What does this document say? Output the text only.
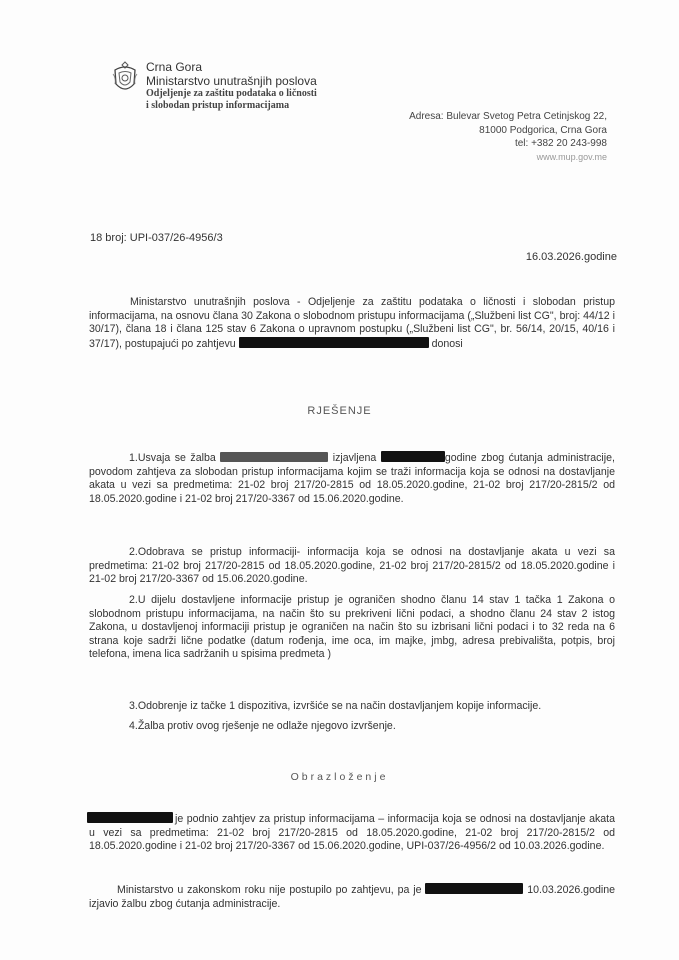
Crna Gora
Ministarstvo unutrašnjih poslova
Odjeljenje za zaštitu podataka o ličnosti
i slobodan pristup informacijama
Adresa: Bulevar Svetog Petra Cetinjskog 22,
81000 Podgorica, Crna Gora
tel: +382 20 243-998
www.mup.gov.me
18 broj: UPI-037/26-4956/3
16.03.2026.godine
Ministarstvo unutrašnjih poslova - Odjeljenje za zaštitu podataka o ličnosti i slobodan pristup informacijama, na osnovu člana 30 Zakona o slobodnom pristupu informacijama („Službeni list CG", broj: 44/12 i 30/17), člana 18 i člana 125 stav 6 Zakona o upravnom postupku („Službeni list CG", br. 56/14, 20/15, 40/16 i 37/17), postupajući po zahtjevu	donosi
RJEŠENJE
1.Usvaja se žalba	izjavljena	godine zbog ćutanja administracije, povodom zahtjeva za slobodan pristup informacijama kojim se traži informacija koja se odnosi na dostavljanje akata u vezi sa predmetima: 21-02 broj 217/20-2815 od 18.05.2020.godine, 21-02 broj 217/20-2815/2 od 18.05.2020.godine i 21-02 broj 217/20-3367 od 15.06.2020.godine.
2.Odobrava se pristup informaciji- informacija koja se odnosi na dostavljanje akata u vezi sa predmetima: 21-02 broj 217/20-2815 od 18.05.2020.godine, 21-02 broj 217/20-2815/2 od 18.05.2020.godine i 21-02 broj 217/20-3367 od 15.06.2020.godine.
2.U dijelu dostavljene informacije pristup je ograničen shodno članu 14 stav 1 tačka 1 Zakona o slobodnom pristupu informacijama, na način što su prekriveni lični podaci, a shodno članu 24 stav 2 istog Zakona, u dostavljenoj informaciji pristup je ograničen na način što su izbrisani lični podaci i to 32 reda na 6 strana koje sadrži lične podatke (datum rođenja, ime oca, im majke, jmbg, adresa prebivališta, potpis, broj telefona, imena lica sadržanih u spisima predmeta )
3.Odobrenje iz tačke 1 dispozitiva, izvršiće se na način dostavljanjem kopije informacije.
4.Žalba protiv ovog rješenje ne odlaže njegovo izvršenje.
Obrazloženje
je podnio zahtjev za pristup informacijama – informacija koja se odnosi na dostavljanje akata u vezi sa predmetima: 21-02 broj 217/20-2815 od 18.05.2020.godine, 21-02 broj 217/20-2815/2 od 18.05.2020.godine i 21-02 broj 217/20-3367 od 15.06.2020.godine, UPI-037/26-4956/2 od 10.03.2026.godine.
Ministarstvo u zakonskom roku nije postupilo po zahtjevu, pa je	10.03.2026.godine izjavio žalbu zbog ćutanja administracije.
